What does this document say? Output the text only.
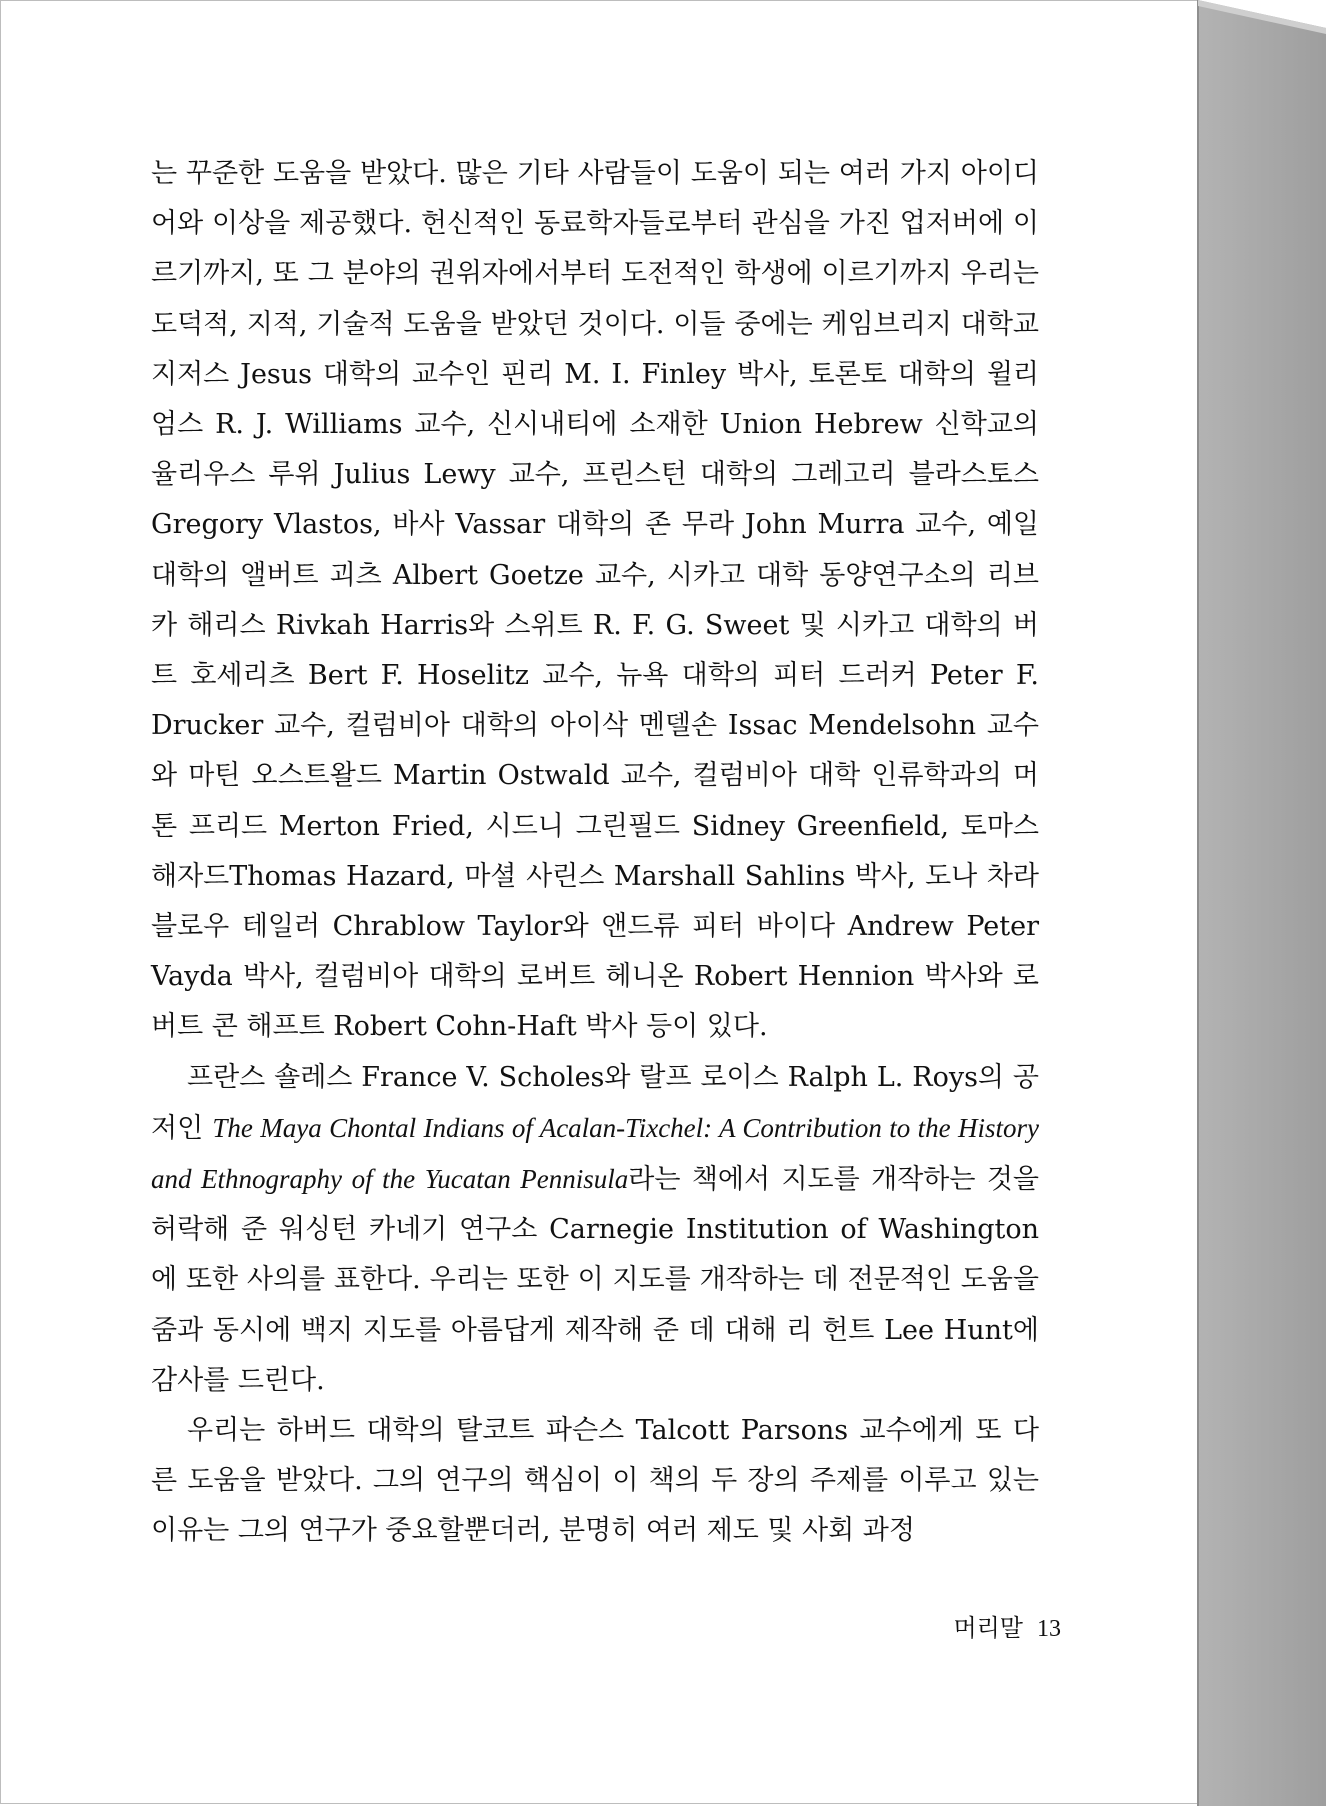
는 꾸준한 도움을 받았다. 많은 기타 사람들이 도움이 되는 여러 가지 아이디어와 이상을 제공했다. 헌신적인 동료학자들로부터 관심을 가진 업저버에 이르기까지, 또 그 분야의 권위자에서부터 도전적인 학생에 이르기까지 우리는 도덕적, 지적, 기술적 도움을 받았던 것이다. 이들 중에는 케임브리지 대학교 지저스 Jesus 대학의 교수인 핀리 M. I. Finley 박사, 토론토 대학의 윌리엄스 R. J. Williams 교수, 신시내티에 소재한 Union Hebrew 신학교의 율리우스 루위 Julius Lewy 교수, 프린스턴 대학의 그레고리 블라스토스 Gregory Vlastos, 바사 Vassar 대학의 존 무라 John Murra 교수, 예일 대학의 앨버트 괴츠 Albert Goetze 교수, 시카고 대학 동양연구소의 리브카 해리스 Rivkah Harris와 스위트 R. F. G. Sweet 및 시카고 대학의 버트 호세리츠 Bert F. Hoselitz 교수, 뉴욕 대학의 피터 드러커 Peter F. Drucker 교수, 컬럼비아 대학의 아이삭 멘델손 Issac Mendelsohn 교수와 마틴 오스트왈드 Martin Ostwald 교수, 컬럼비아 대학 인류학과의 머톤 프리드 Merton Fried, 시드니 그린필드 Sidney Greenfield, 토마스 해자드Thomas Hazard, 마셜 사린스 Marshall Sahlins 박사, 도나 차라블로우 테일러 Chrablow Taylor와 앤드류 피터 바이다 Andrew Peter Vayda 박사, 컬럼비아 대학의 로버트 헤니온 Robert Hennion 박사와 로버트 콘 해프트 Robert Cohn-Haft 박사 등이 있다.

프란스 숄레스 France V. Scholes와 랄프 로이스 Ralph L. Roys의 공저인 The Maya Chontal Indians of Acalan-Tixchel: A Contribution to the History and Ethnography of the Yucatan Pennisula라는 책에서 지도를 개작하는 것을 허락해 준 워싱턴 카네기 연구소 Carnegie Institution of Washington에 또한 사의를 표한다. 우리는 또한 이 지도를 개작하는 데 전문적인 도움을 줌과 동시에 백지 지도를 아름답게 제작해 준 데 대해 리 헌트 Lee Hunt에 감사를 드린다.

우리는 하버드 대학의 탈코트 파슨스 Talcott Parsons 교수에게 또 다른 도움을 받았다. 그의 연구의 핵심이 이 책의 두 장의 주제를 이루고 있는 이유는 그의 연구가 중요할뿐더러, 분명히 여러 제도 및 사회 과정

머리말 13
